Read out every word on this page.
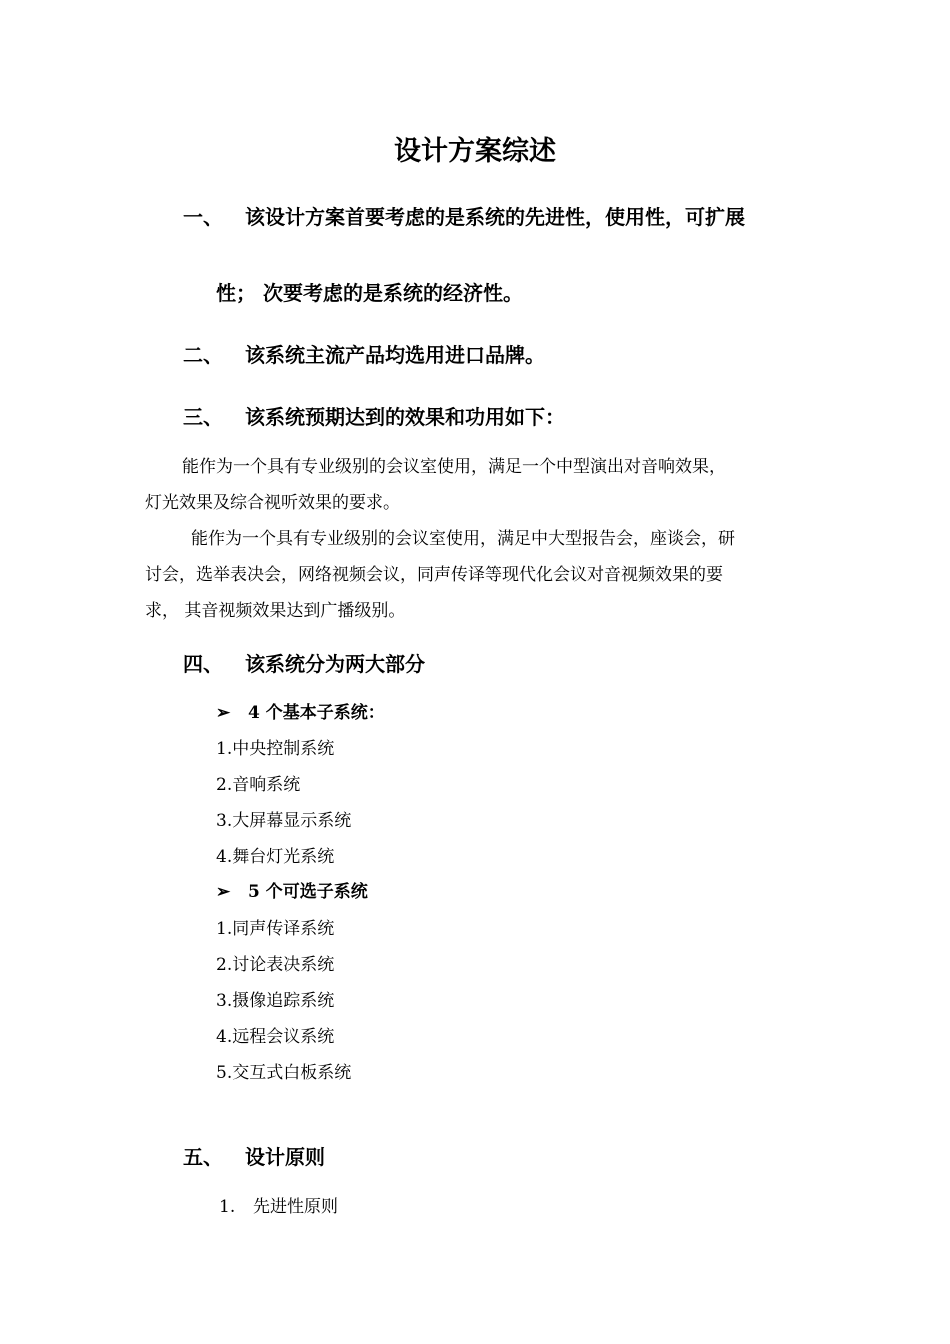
设计方案综述
一、 该设计方案首要考虑的是系统的先进性，使用性，可扩展
性； 次要考虑的是系统的经济性。
二、 该系统主流产品均选用进口品牌。
三、 该系统预期达到的效果和功用如下：
能作为一个具有专业级别的会议室使用，满足一个中型演出对音响效果，
灯光效果及综合视听效果的要求。
能作为一个具有专业级别的会议室使用，满足中大型报告会，座谈会，研
讨会，选举表决会，网络视频会议，同声传译等现代化会议对音视频效果的要
求， 其音视频效果达到广播级别。
四、 该系统分为两大部分
➢ 4 个基本子系统：
1.中央控制系统
2.音响系统
3.大屏幕显示系统
4.舞台灯光系统
➢ 5 个可选子系统
1.同声传译系统
2.讨论表决系统
3.摄像追踪系统
4.远程会议系统
5.交互式白板系统
五、 设计原则
1. 先进性原则
